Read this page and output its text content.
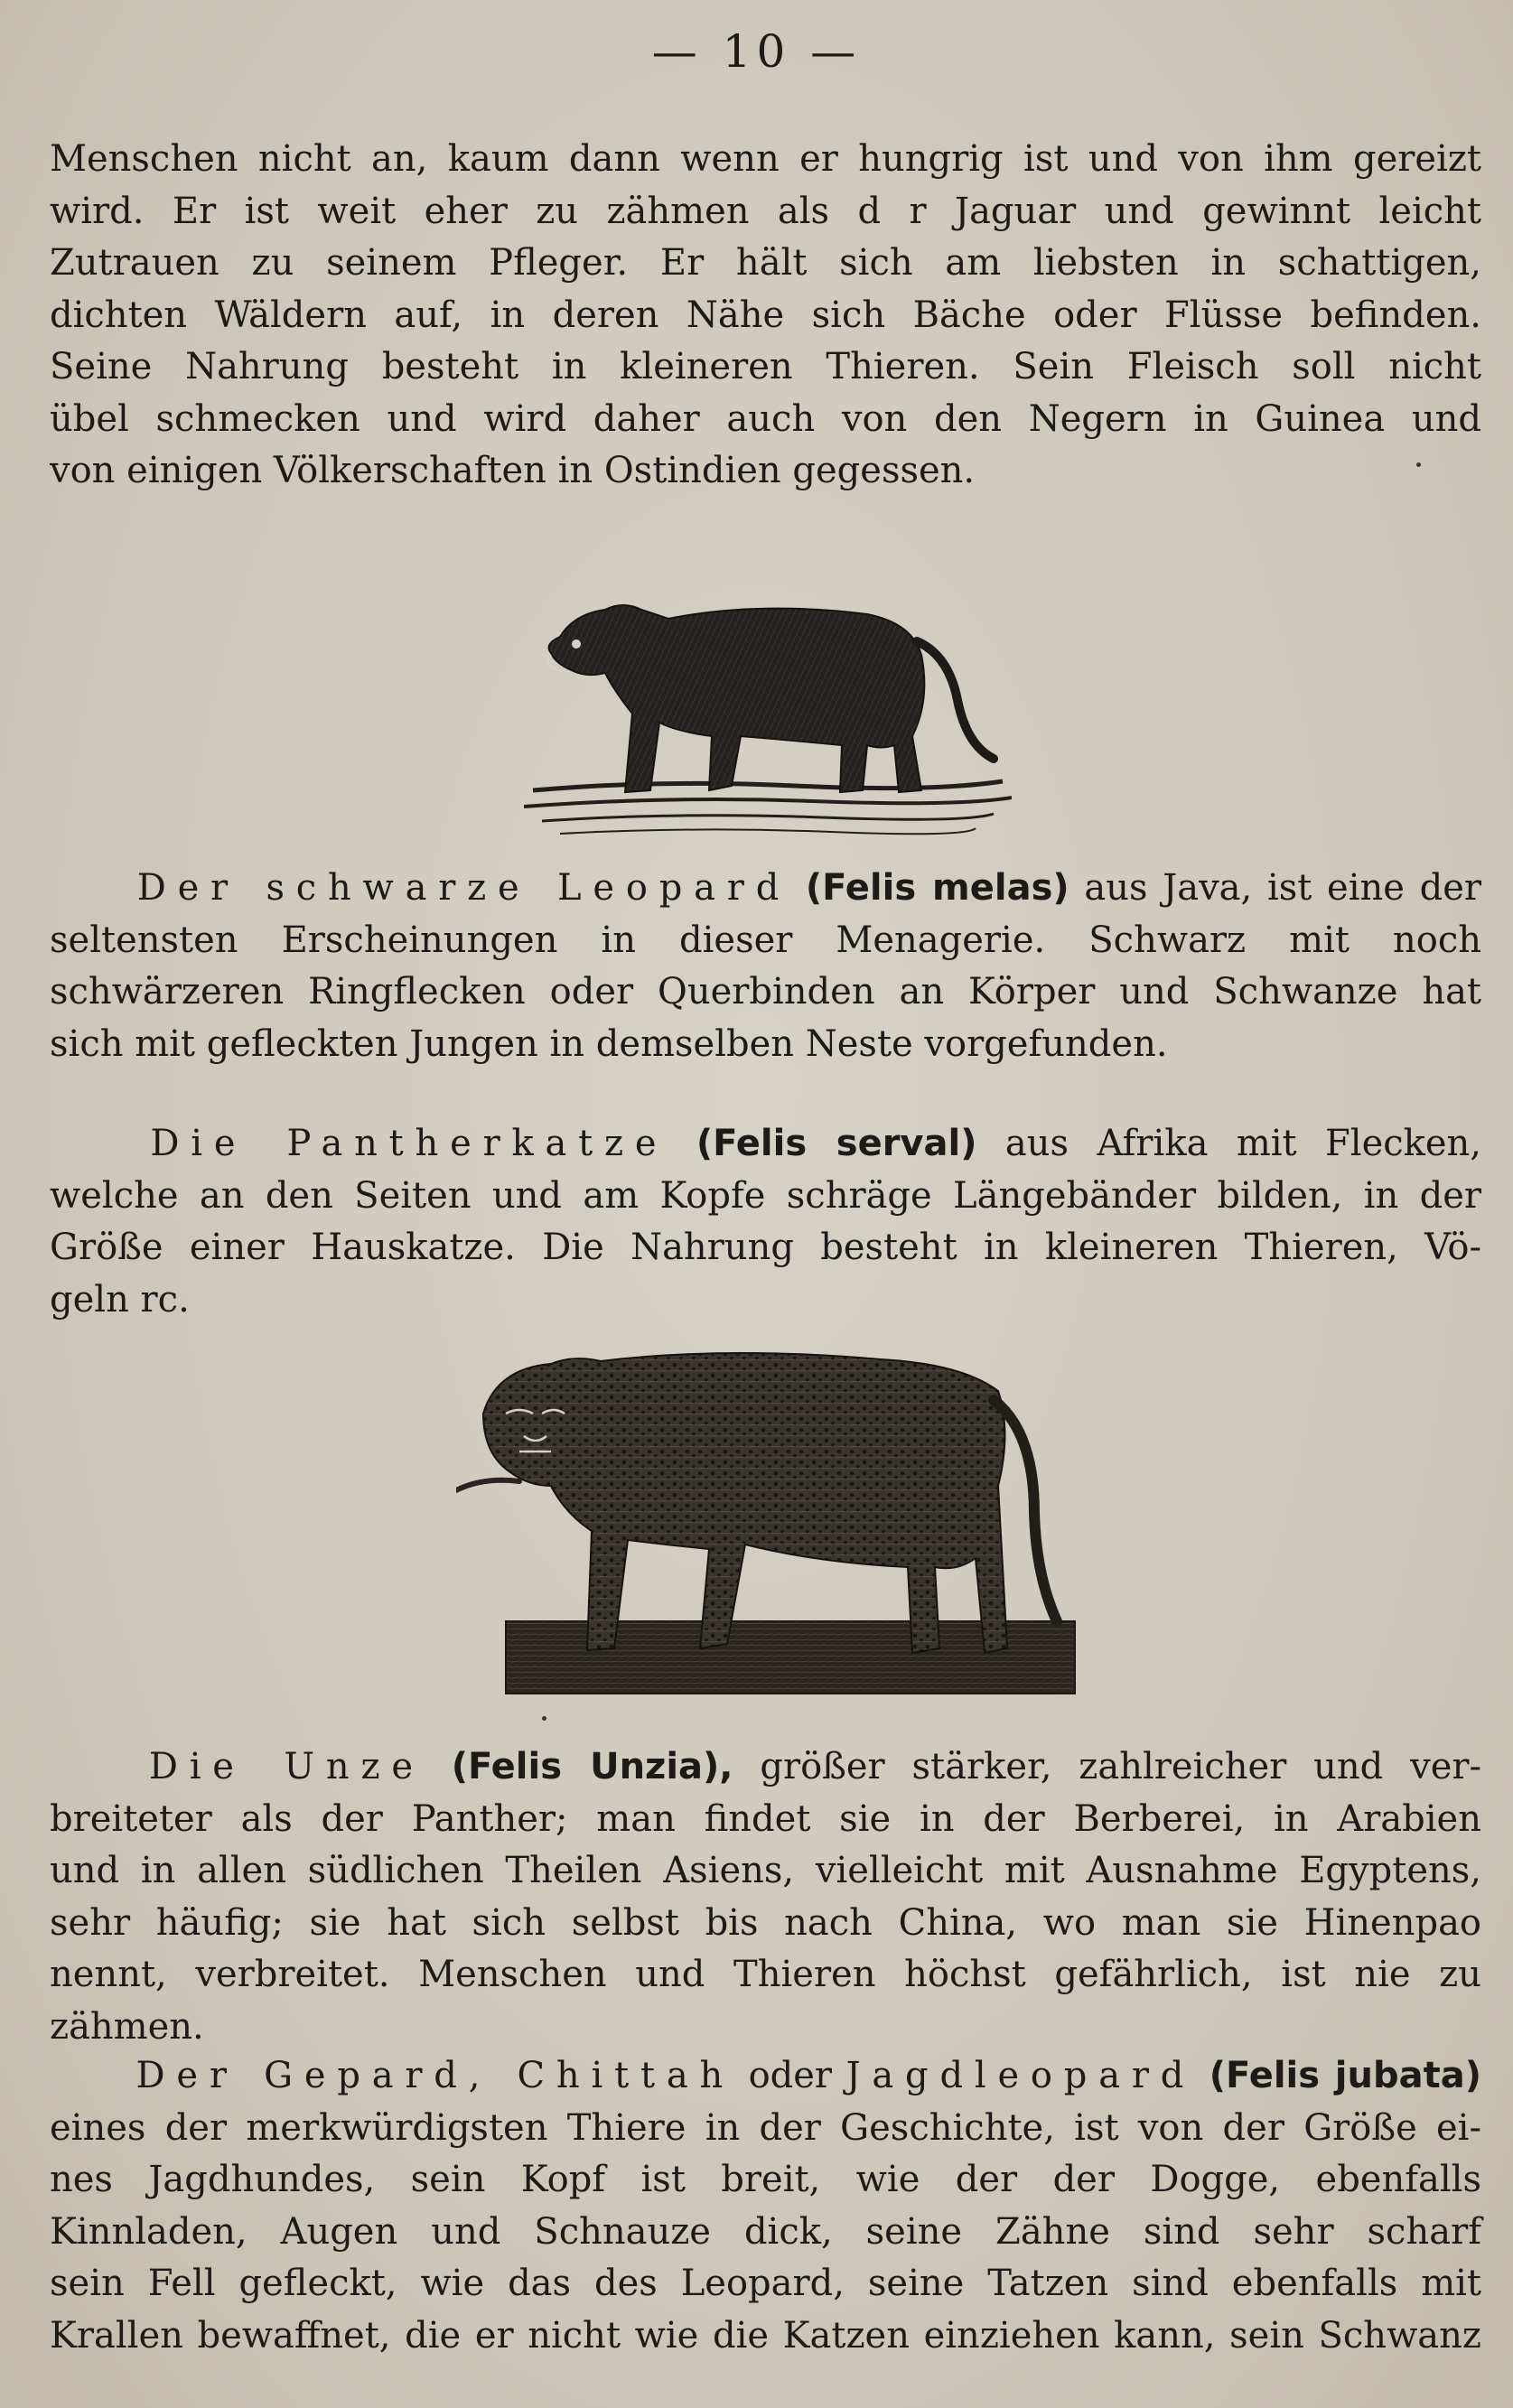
— 10 —
Menschen nicht an, kaum dann wenn er hungrig ist und von ihm gereizt
wird. Er ist weit eher zu zähmen als d r Jaguar und gewinnt leicht
Zutrauen zu seinem Pfleger. Er hält sich am liebsten in schattigen,
dichten Wäldern auf, in deren Nähe sich Bäche oder Flüsse befinden.
Seine Nahrung besteht in kleineren Thieren. Sein Fleisch soll nicht
übel schmecken und wird daher auch von den Negern in Guinea und
von einigen Völkerschaften in Ostindien gegessen.
   Der schwarze Leopard (Felis melas) aus Java, ist eine der
seltensten Erscheinungen in dieser Menagerie. Schwarz mit noch
schwärzeren Ringflecken oder Querbinden an Körper und Schwanze hat
sich mit gefleckten Jungen in demselben Neste vorgefunden.
   Die Pantherkatze (Felis serval) aus Afrika mit Flecken,
welche an den Seiten und am Kopfe schräge Längebänder bilden, in der
Größe einer Hauskatze. Die Nahrung besteht in kleineren Thieren, Vö-
geln rc.
   Die Unze (Felis Unzia), größer stärker, zahlreicher und ver-
breiteter als der Panther; man findet sie in der Berberei, in Arabien
und in allen südlichen Theilen Asiens, vielleicht mit Ausnahme Egyptens,
sehr häufig; sie hat sich selbst bis nach China, wo man sie Hinenpao
nennt, verbreitet. Menschen und Thieren höchst gefährlich, ist nie zu
zähmen.
   Der Gepard, Chittah oder Jagdleopard (Felis jubata)
eines der merkwürdigsten Thiere in der Geschichte, ist von der Größe ei-
nes Jagdhundes, sein Kopf ist breit, wie der der Dogge, ebenfalls
Kinnladen, Augen und Schnauze dick, seine Zähne sind sehr scharf
sein Fell gefleckt, wie das des Leopard, seine Tatzen sind ebenfalls mit
Krallen bewaffnet, die er nicht wie die Katzen einziehen kann, sein Schwanz
